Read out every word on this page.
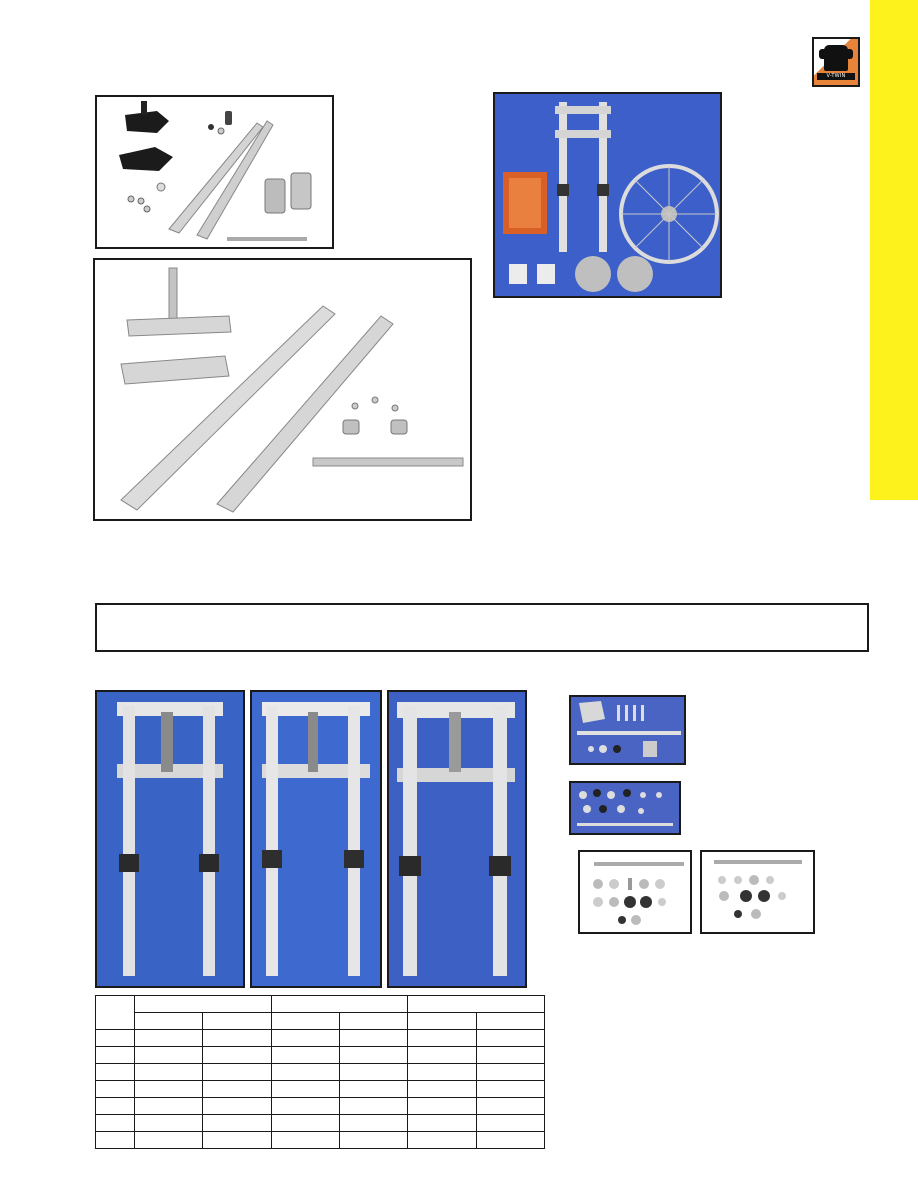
V-TWIN
